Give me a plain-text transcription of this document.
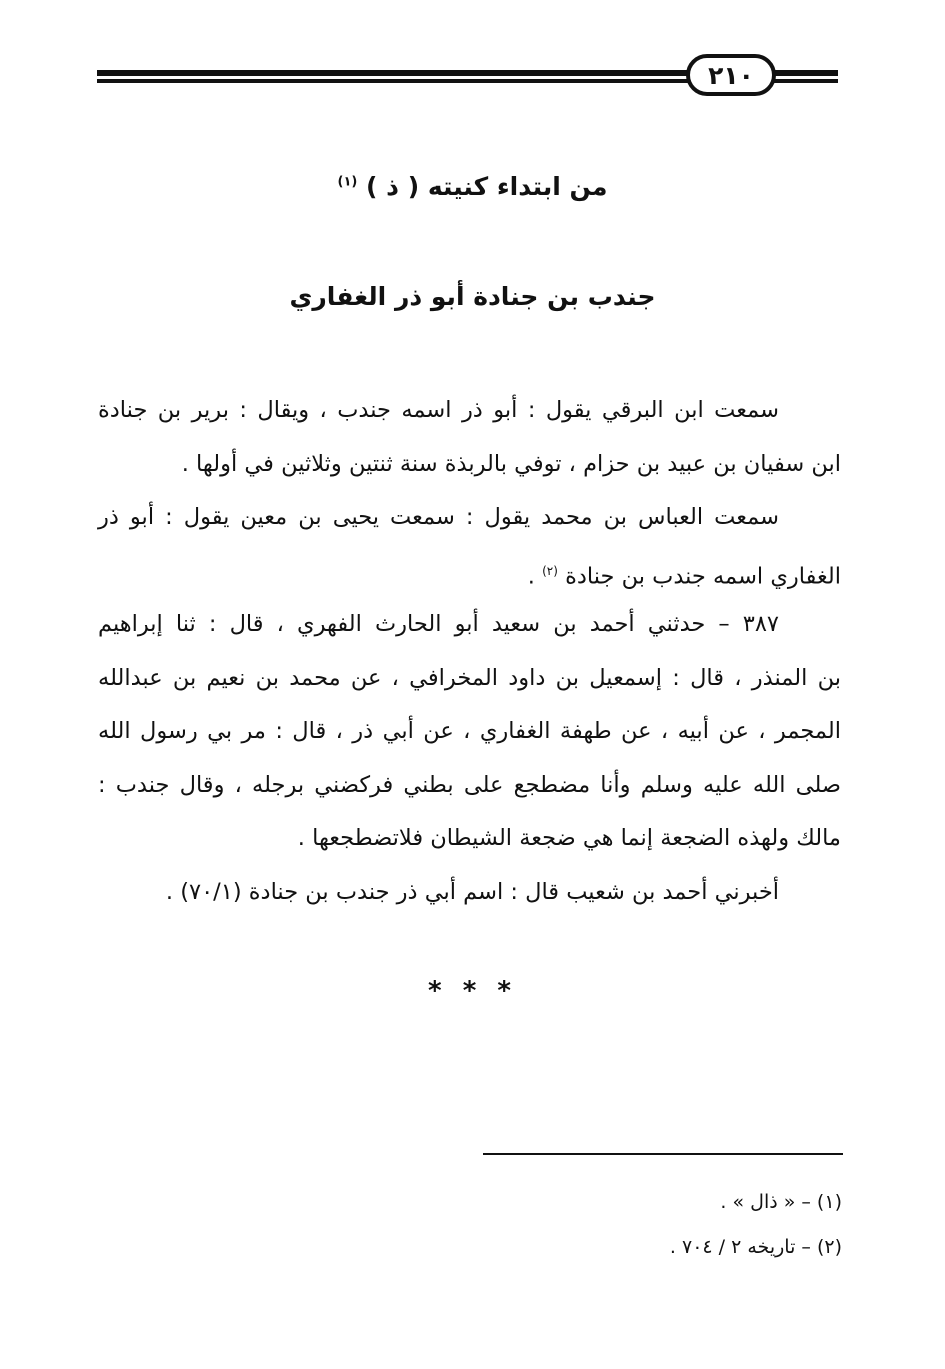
٢١٠
من ابتداء كنيته ( ذ ) $^{(١)}$
جندب بن جنادة أبو ذر الغفاري
سمعت ابن البرقي يقول : أبو ذر اسمه جندب ، ويقال : برير بن جنادة
ابن سفيان بن عبيد بن حزام ، توفي بالربذة سنة ثنتين وثلاثين في أولها .
سمعت العباس بن محمد يقول : سمعت يحيى بن معين يقول : أبو ذر
الغفاري اسمه جندب بن جنادة $^{(٢)}$ .
٣٨٧ – حدثني أحمد بن سعيد أبو الحارث الفهري ، قال : ثنا إبراهيم
بن المنذر ، قال : إسمعيل بن داود المخرافي ، عن محمد بن نعيم بن عبدالله
المجمر ، عن أبيه ، عن طهفة الغفاري ، عن أبي ذر ، قال : مر بي رسول الله
صلى الله عليه وسلم وأنا مضطجع على بطني فركضني برجله ، وقال جندب :
مالك ولهذه الضجعة إنما هي ضجعة الشيطان فلاتضطجعها .
أخبرني أحمد بن شعيب قال : اسم أبي ذر جندب بن جنادة (٧٠/١) .
* * *
(١) – « ذال » .
(٢) – تاريخه ٢ / ٧٠٤ .
